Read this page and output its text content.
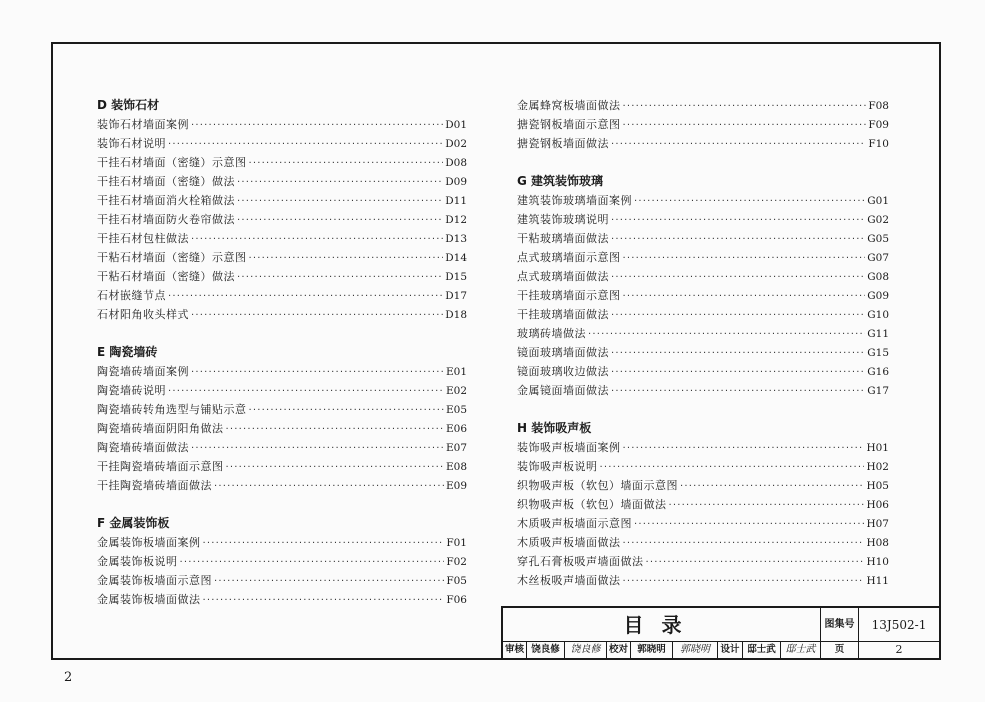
D 装饰石材
装饰石材墙面案例 ·····	D01
装饰石材说明 ·····	D02
干挂石材墙面（密缝）示意图 ·····	D08
干挂石材墙面（密缝）做法 ·····	D09
干挂石材墙面消火栓箱做法 ·····	D11
干挂石材墙面防火卷帘做法 ·····	D12
干挂石材包柱做法 ·····	D13
干粘石材墙面（密缝）示意图 ·····	D14
干粘石材墙面（密缝）做法 ·····	D15
石材嵌缝节点 ·····	D17
石材阳角收头样式 ·····	D18
E 陶瓷墙砖
陶瓷墙砖墙面案例 ·····	E01
陶瓷墙砖说明 ·····	E02
陶瓷墙砖转角选型与铺贴示意 ·····	E05
陶瓷墙砖墙面阴阳角做法 ·····	E06
陶瓷墙砖墙面做法 ·····	E07
干挂陶瓷墙砖墙面示意图 ·····	E08
干挂陶瓷墙砖墙面做法 ·····	E09
F 金属装饰板
金属装饰板墙面案例 ·····	F01
金属装饰板说明 ·····	F02
金属装饰板墙面示意图 ·····	F05
金属装饰板墙面做法 ·····	F06
金属蜂窝板墙面做法 ·····	F08
搪瓷钢板墙面示意图 ·····	F09
搪瓷钢板墙面做法 ·····	F10
G 建筑装饰玻璃
建筑装饰玻璃墙面案例 ·····	G01
建筑装饰玻璃说明 ·····	G02
干粘玻璃墙面做法 ·····	G05
点式玻璃墙面示意图 ·····	G07
点式玻璃墙面做法 ·····	G08
干挂玻璃墙面示意图 ·····	G09
干挂玻璃墙面做法 ·····	G10
玻璃砖墙做法 ·····	G11
镜面玻璃墙面做法 ·····	G15
镜面玻璃收边做法 ·····	G16
金属镜面墙面做法 ·····	G17
H 装饰吸声板
装饰吸声板墙面案例 ·····	H01
装饰吸声板说明 ·····	H02
织物吸声板（软包）墙面示意图 ·····	H05
织物吸声板（软包）墙面做法 ·····	H06
木质吸声板墙面示意图 ·····	H07
木质吸声板墙面做法 ·····	H08
穿孔石膏板吸声墙面做法 ·····	H10
木丝板吸声墙面做法 ·····	H11
目录	图集号	13J502-1
审核 饶良修	饶良修 校对 郭晓明	郭晓明	设计 邸士武 邸士武	页	2
2
